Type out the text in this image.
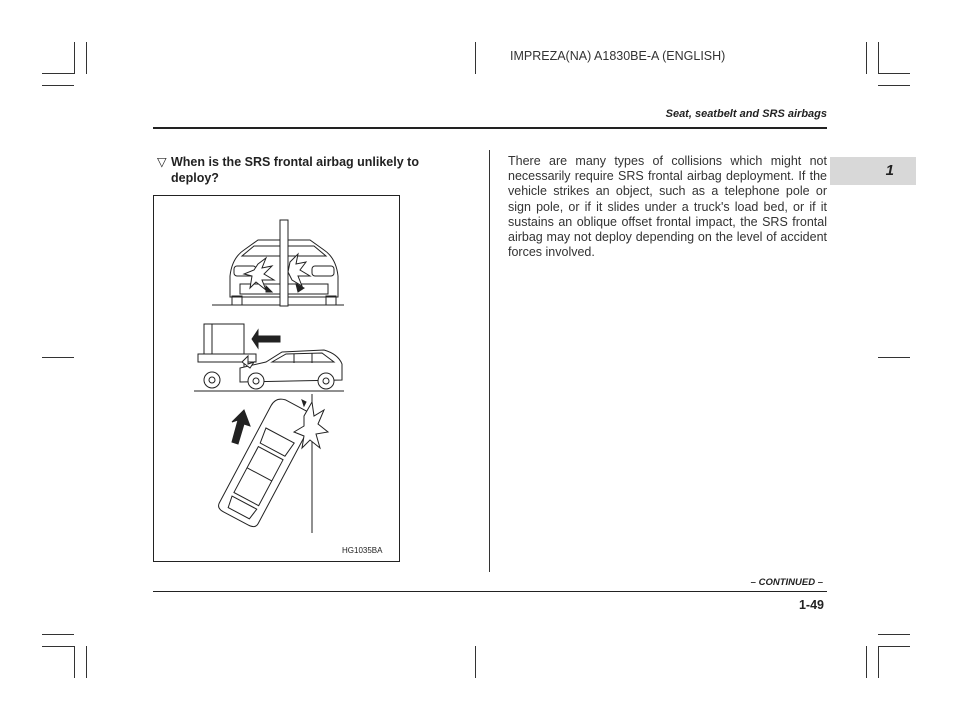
IMPREZA(NA) A1830BE-A (ENGLISH)
Seat, seatbelt and SRS airbags
1
▽ When is the SRS frontal airbag unlikely to deploy?
HG1035BA
There are many types of collisions which might not necessarily require SRS frontal airbag deployment. If the vehicle strikes an object, such as a telephone pole or sign pole, or if it slides under a truck's load bed, or if it sustains an oblique offset frontal impact, the SRS frontal airbag may not deploy depending on the level of accident forces involved.
– CONTINUED –
1-49
